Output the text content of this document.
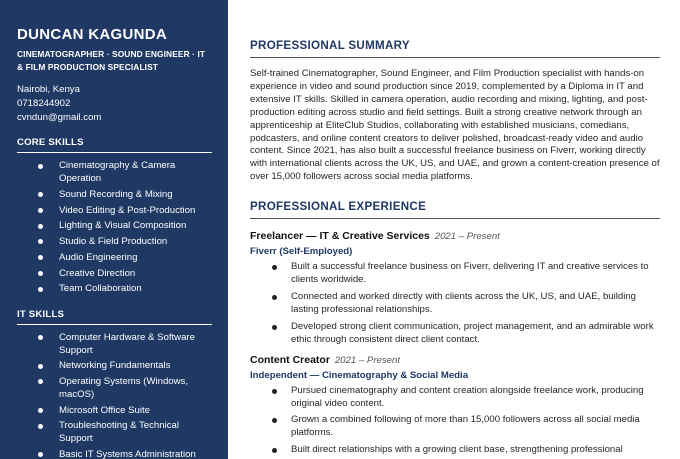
DUNCAN KAGUNDA
CINEMATOGRAPHER · SOUND ENGINEER · IT & FILM PRODUCTION SPECIALIST
Nairobi, Kenya
0718244902
cvndun@gmail.com
CORE SKILLS
Cinematography & Camera Operation
Sound Recording & Mixing
Video Editing & Post-Production
Lighting & Visual Composition
Studio & Field Production
Audio Engineering
Creative Direction
Team Collaboration
IT SKILLS
Computer Hardware & Software Support
Networking Fundamentals
Operating Systems (Windows, macOS)
Microsoft Office Suite
Troubleshooting & Technical Support
Basic IT Systems Administration
PROFESSIONAL SUMMARY

Self-trained Cinematographer, Sound Engineer, and Film Production specialist with hands-on experience in video and sound production since 2019, complemented by a Diploma in IT and extensive IT skills. Skilled in camera operation, audio recording and mixing, lighting, and post-production editing across studio and field settings. Built a strong creative network through an apprenticeship at EliteClub Studios, collaborating with established musicians, comedians, podcasters, and online content creators to deliver polished, broadcast-ready video and audio content. Since 2021, has also built a successful freelance business on Fiverr, working directly with international clients across the UK, US, and UAE, and grown a content-creation presence of over 15,000 followers across social media platforms.

PROFESSIONAL EXPERIENCE
Freelancer — IT & Creative Services 2021 – Present
Fiverr (Self-Employed)
Built a successful freelance business on Fiverr, delivering IT and creative services to clients worldwide.
Connected and worked directly with clients across the UK, US, and UAE, building lasting professional relationships.
Developed strong client communication, project management, and an admirable work ethic through consistent direct client contact.
Content Creator 2021 – Present
Independent — Cinematography & Social Media
Pursued cinematography and content creation alongside freelance work, producing original video content.
Grown a combined following of more than 15,000 followers across all social media platforms.
Built direct relationships with a growing client base, strengthening professional
